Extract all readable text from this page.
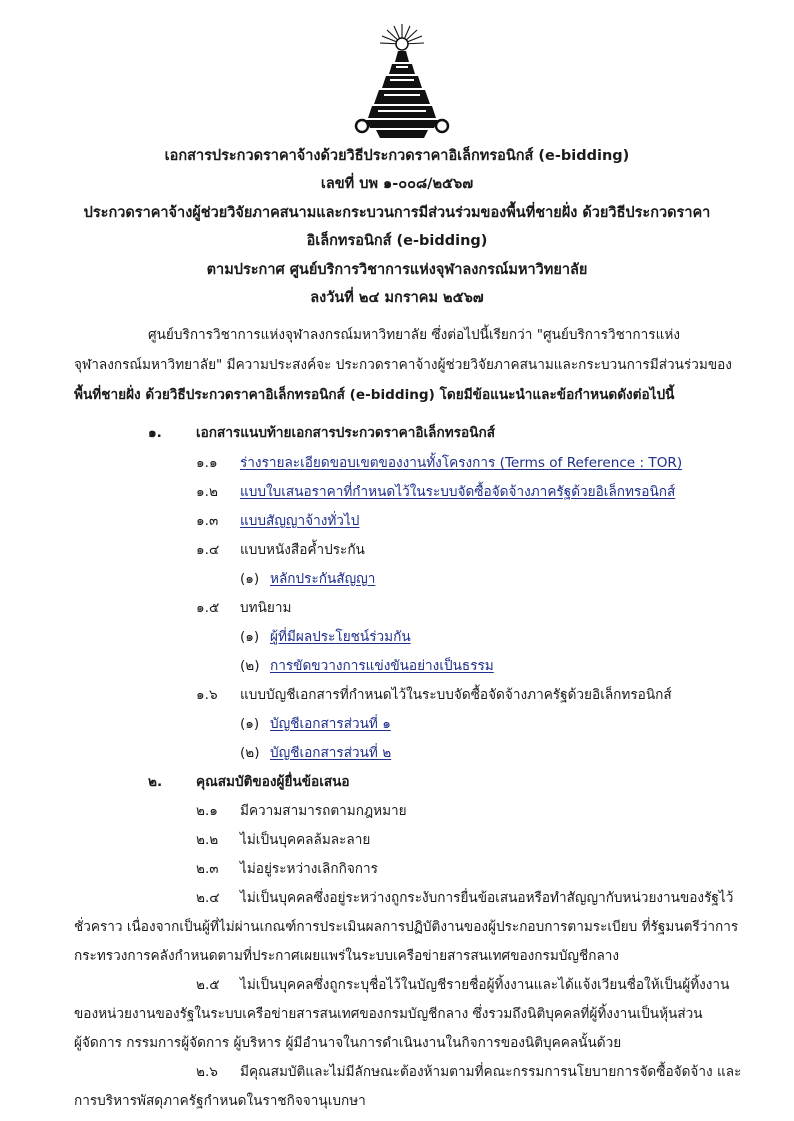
เอกสารประกวดราคาจ้างด้วยวิธีประกวดราคาอิเล็กทรอนิกส์ (e-bidding)
เลขที่ บพ ๑-๐๐๘/๒๕๖๗
ประกวดราคาจ้างผู้ช่วยวิจัยภาคสนามและกระบวนการมีส่วนร่วมของพื้นที่ชายฝั่ง ด้วยวิธีประกวดราคา
อิเล็กทรอนิกส์ (e-bidding)
ตามประกาศ ศูนย์บริการวิชาการแห่งจุฬาลงกรณ์มหาวิทยาลัย
ลงวันที่ ๒๔ มกราคม ๒๕๖๗
ศูนย์บริการวิชาการแห่งจุฬาลงกรณ์มหาวิทยาลัย ซึ่งต่อไปนี้เรียกว่า "ศูนย์บริการวิชาการแห่ง
จุฬาลงกรณ์มหาวิทยาลัย" มีความประสงค์จะ ประกวดราคาจ้างผู้ช่วยวิจัยภาคสนามและกระบวนการมีส่วนร่วมของ
พื้นที่ชายฝั่ง ด้วยวิธีประกวดราคาอิเล็กทรอนิกส์ (e-bidding) โดยมีข้อแนะนำและข้อกำหนดดังต่อไปนี้
๑.	เอกสารแนบท้ายเอกสารประกวดราคาอิเล็กทรอนิกส์
๑.๑ ร่างรายละเอียดขอบเขตของงานทั้งโครงการ (Terms of Reference : TOR)
๑.๒ แบบใบเสนอราคาที่กำหนดไว้ในระบบจัดซื้อจัดจ้างภาครัฐด้วยอิเล็กทรอนิกส์
๑.๓ แบบสัญญาจ้างทั่วไป
๑.๔ แบบหนังสือค้ำประกัน
(๑) หลักประกันสัญญา
๑.๕ บทนิยาม
(๑) ผู้ที่มีผลประโยชน์ร่วมกัน
(๒) การขัดขวางการแข่งขันอย่างเป็นธรรม
๑.๖ แบบบัญชีเอกสารที่กำหนดไว้ในระบบจัดซื้อจัดจ้างภาครัฐด้วยอิเล็กทรอนิกส์
(๑) บัญชีเอกสารส่วนที่ ๑
(๒) บัญชีเอกสารส่วนที่ ๒
๒. คุณสมบัติของผู้ยื่นข้อเสนอ
๒.๑ มีความสามารถตามกฎหมาย
๒.๒ ไม่เป็นบุคคลล้มละลาย
๒.๓ ไม่อยู่ระหว่างเลิกกิจการ
๒.๔ ไม่เป็นบุคคลซึ่งอยู่ระหว่างถูกระงับการยื่นข้อเสนอหรือทำสัญญากับหน่วยงานของรัฐไว้
ชั่วคราว เนื่องจากเป็นผู้ที่ไม่ผ่านเกณฑ์การประเมินผลการปฏิบัติงานของผู้ประกอบการตามระเบียบ ที่รัฐมนตรีว่าการ
กระทรวงการคลังกำหนดตามที่ประกาศเผยแพร่ในระบบเครือข่ายสารสนเทศของกรมบัญชีกลาง
๒.๕ ไม่เป็นบุคคลซึ่งถูกระบุชื่อไว้ในบัญชีรายชื่อผู้ทิ้งงานและได้แจ้งเวียนชื่อให้เป็นผู้ทิ้งงาน
ของหน่วยงานของรัฐในระบบเครือข่ายสารสนเทศของกรมบัญชีกลาง ซึ่งรวมถึงนิติบุคคลที่ผู้ทิ้งงานเป็นหุ้นส่วน
ผู้จัดการ กรรมการผู้จัดการ ผู้บริหาร ผู้มีอำนาจในการดำเนินงานในกิจการของนิติบุคคลนั้นด้วย
๒.๖ มีคุณสมบัติและไม่มีลักษณะต้องห้ามตามที่คณะกรรมการนโยบายการจัดซื้อจัดจ้าง และ
การบริหารพัสดุภาครัฐกำหนดในราชกิจจานุเบกษา
